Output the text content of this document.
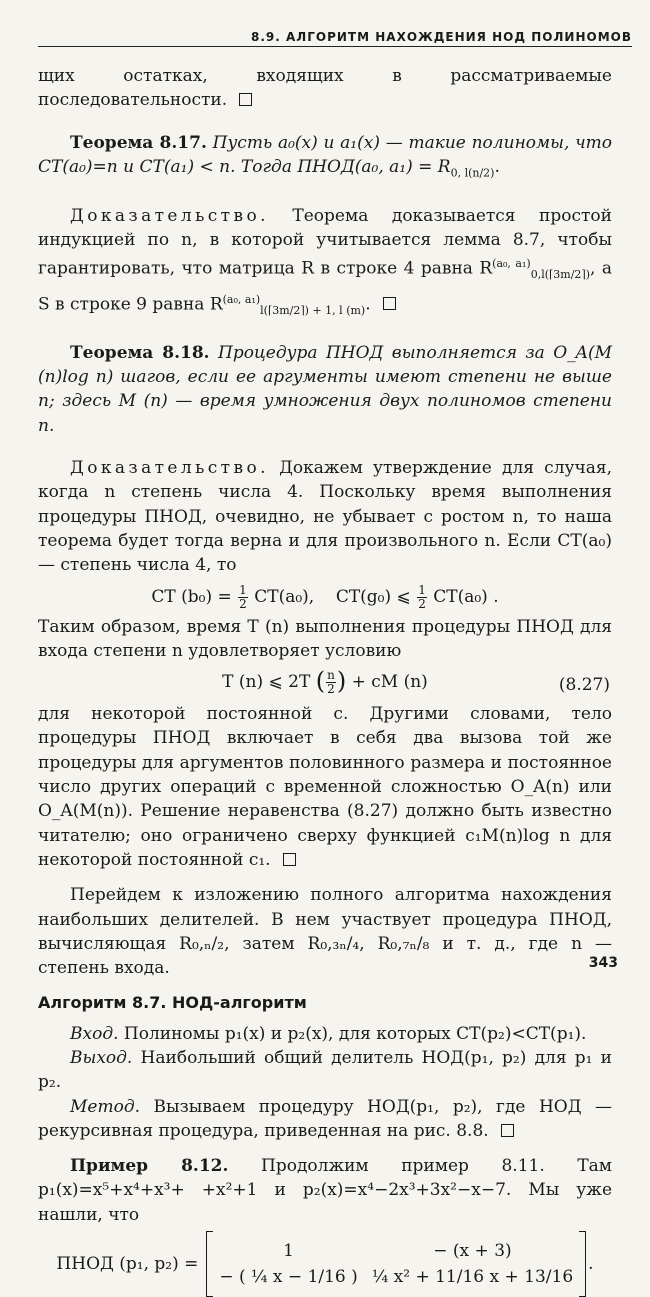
8.9. АЛГОРИТМ НАХОЖДЕНИЯ НОД ПОЛИНОМОВ

щих остатках, входящих в рассматриваемые последовательности.

Теорема 8.17. Пусть a₀(x) и a₁(x) — такие полиномы, что CT(a₀)=n и CT(a₁) < n. Тогда ПНОД(a₀, $a_1) = R_{0, l(n/2)}$.

Доказательство. Теорема доказывается простой индукцией по n, в которой учитывается лемма 8.7, чтобы гарантировать, что матрица R в строке 4 равна $R^{(a_0, a_1)}_{0,l(⌈3m/2⌉)}$, а S в строке 9 равна $R^{(a_0, a_1)}_{l(⌈3m/2⌉) + 1, l (m)}$.

Теорема 8.18. Процедура ПНОД выполняется за O_A(M (n)log n) шагов, если ее аргументы имеют степени не выше n; здесь M (n) — время умножения двух полиномов степени n.

Доказательство. Докажем утверждение для случая, когда n степень числа 4. Поскольку время выполнения процедуры ПНОД, очевидно, не убывает с ростом n, то наша теорема будет тогда верна и для произвольного n. Если CT(a₀) — степень числа 4, то

CT $(b_0) = \frac{1}{2} CT(a_0)$, CT(g₀) ⩽ $\frac{1}{2} CT(a_0)$ .

Таким образом, время T (n) выполнения процедуры ПНОД для входа степени n удовлетворяет условию

T (n) ⩽ 2T ( $\frac{n}{2}$ ) + cM (n)	(8.27)

для некоторой постоянной c. Другими словами, тело процедуры ПНОД включает в себя два вызова той же процедуры для аргументов половинного размера и постоянное число других операций с временной сложностью O_A(n) или O_A(M(n)). Решение неравенства (8.27) должно быть известно читателю; оно ограничено сверху функцией c₁M(n)log n для некоторой постоянной c₁.

Перейдем к изложению полного алгоритма нахождения наибольших делителей. В нем участвует процедура ПНОД, вычисляющая R₀,ₙ/₂, затем R₀,₃ₙ/₄, R₀,₇ₙ/₈ и т. д., где n — степень входа.

Алгоритм 8.7. НОД-алгоритм

Вход. Полиномы p₁(x) и p₂(x), для которых CT(p₂)<CT(p₁).

Выход. Наибольший общий делитель НОД(p₁, p₂) для p₁ и p₂.

Метод. Вызываем процедуру НОД(p₁, p₂), где НОД — рекурсивная процедура, приведенная на рис. 8.8.

Пример 8.12. Продолжим пример 8.11. Там p₁(x)=x⁵+x⁴+x³+ +x²+1 и p₂(x)=x⁴−2x³+3x²−x−7. Мы уже нашли, что

ПНОД (p₁, p₂) =
1	− (x + 3)
− ( ¼ x − 1/16 ) ¼ x² + 11/16 x + 13/16
.
343
